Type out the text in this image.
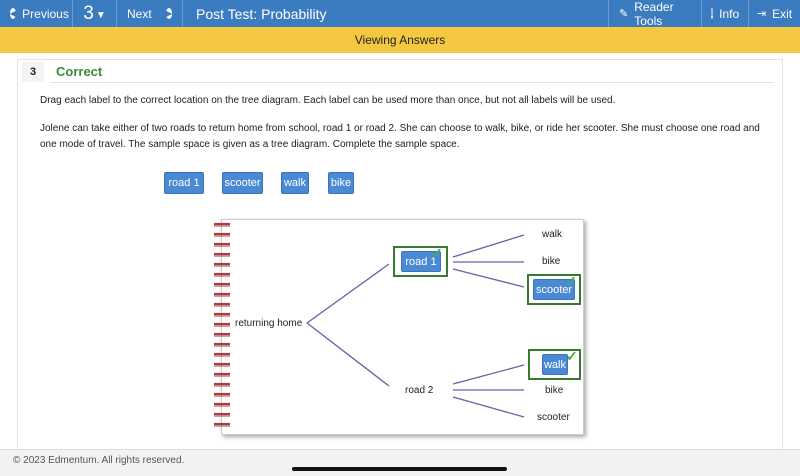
◀ Previous 3 ▼ Next ▶	Post Test: Probability	✎
Reader Tools
i Info ⇥ Exit
Viewing Answers
3	Correct
Drag each label to the correct location on the tree diagram. Each label can be used more than once, but not all labels will be used.
Jolene can take either of two roads to return home from school, road 1 or road 2. She can choose to walk, bike, or ride her scooter. She must choose one road and one mode of travel. The sample space is given as a tree diagram. Complete the sample space.
road 1	scooter walk bike
returning home
road 2
walk
bike
bike
scooter
road 1
✓
scooter
✓
walk
✓
© 2023 Edmentum. All rights reserved.
